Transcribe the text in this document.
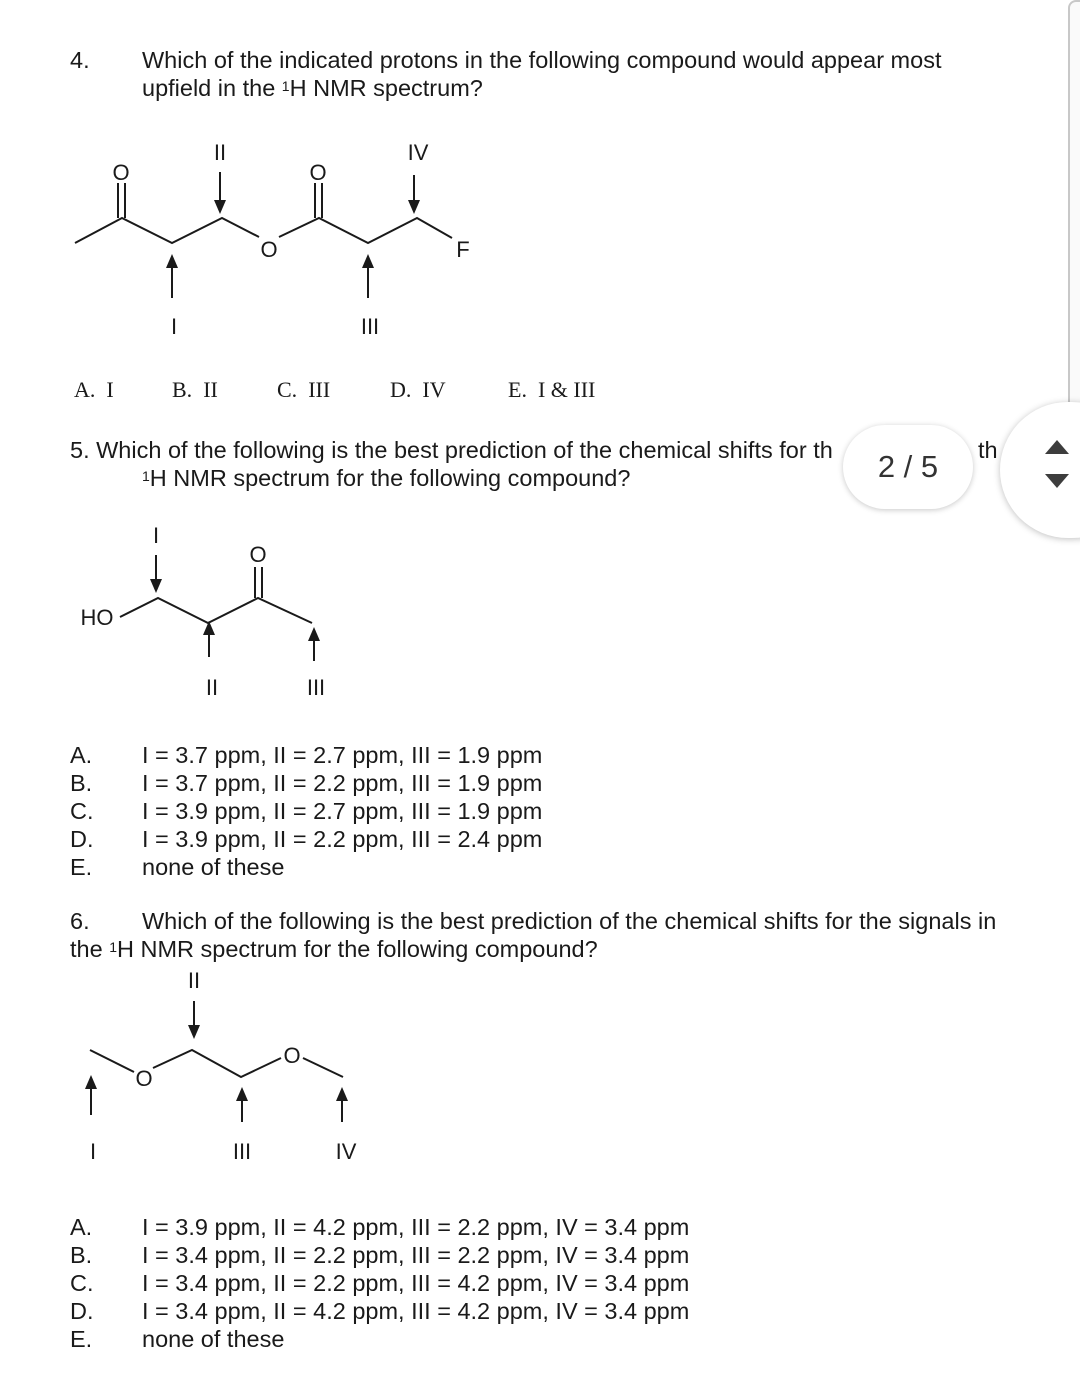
4. Which of the indicated protons in the following compound would appear most
upfield in the $^1$H NMR spectrum?
O	O
O	F
II	IV
I	III
A. I	B. II	C. III	D. IV	E. I & III
5. Which of the following is the best prediction of the chemical shifts for th	th
$^1$H NMR spectrum for the following compound?
HO
O
I
II	III
A. I = 3.7 ppm, II = 2.7 ppm, III = 1.9 ppm
B. I = 3.7 ppm, II = 2.2 ppm, III = 1.9 ppm
C. I = 3.9 ppm, II = 2.7 ppm, III = 1.9 ppm
D. I = 3.9 ppm, II = 2.2 ppm, III = 2.4 ppm
E. none of these
6. Which of the following is the best prediction of the chemical shifts for the signals in
the $^1$H NMR spectrum for the following compound?
II
O
O
I	III	IV
A. I = 3.9 ppm, II = 4.2 ppm, III = 2.2 ppm, IV = 3.4 ppm
B. I = 3.4 ppm, II = 2.2 ppm, III = 2.2 ppm, IV = 3.4 ppm
C. I = 3.4 ppm, II = 2.2 ppm, III = 4.2 ppm, IV = 3.4 ppm
D. I = 3.4 ppm, II = 4.2 ppm, III = 4.2 ppm, IV = 3.4 ppm
E. none of these
2 / 5
